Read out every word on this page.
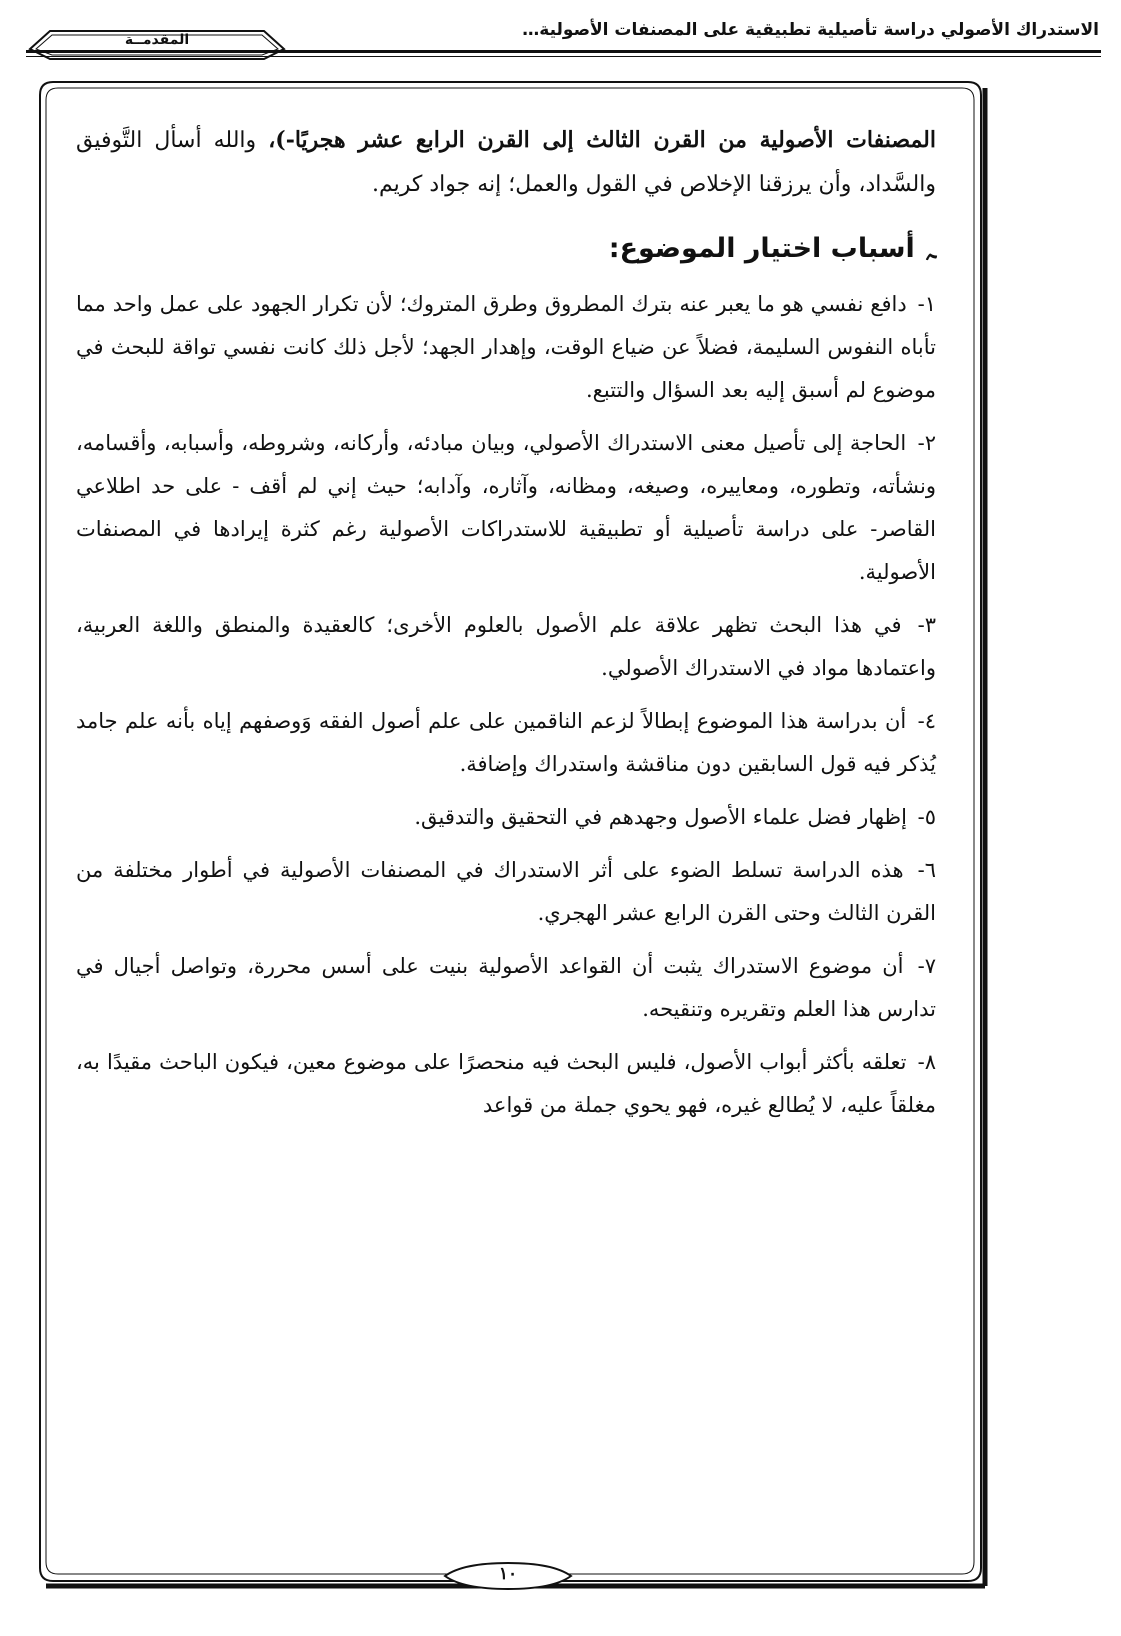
الاستدراك الأصولي دراسة تأصيلية تطبيقية على المصنفات الأصولية…
المقدمــة

المصنفات الأصولية من القرن الثالث إلى القرن الرابع عشر هجريًا-)، والله أسأل التَّوفيق والسَّداد، وأن يرزقنا الإخلاص في القول والعمل؛ إنه جواد كريم.

ﮧ
أسباب اختيار الموضوع:

١- دافع نفسي هو ما يعبر عنه بترك المطروق وطرق المتروك؛ لأن تكرار الجهود على عمل واحد مما تأباه النفوس السليمة، فضلاً عن ضياع الوقت، وإهدار الجهد؛ لأجل ذلك كانت نفسي تواقة للبحث في موضوع لم أسبق إليه بعد السؤال والتتبع.

٢- الحاجة إلى تأصيل معنى الاستدراك الأصولي، وبيان مبادئه، وأركانه، وشروطه، وأسبابه، وأقسامه، ونشأته، وتطوره، ومعاييره، وصيغه، ومظانه، وآثاره، وآدابه؛ حيث إني لم أقف - على حد اطلاعي القاصر- على دراسة تأصيلية أو تطبيقية للاستدراكات الأصولية رغم كثرة إيرادها في المصنفات الأصولية.

٣- في هذا البحث تظهر علاقة علم الأصول بالعلوم الأخرى؛ كالعقيدة والمنطق واللغة العربية، واعتمادها مواد في الاستدراك الأصولي.

٤- أن بدراسة هذا الموضوع إبطالاً لزعم الناقمين على علم أصول الفقه وَوصفهم إياه بأنه علم جامد يُذكر فيه قول السابقين دون مناقشة واستدراك وإضافة.

٥- إظهار فضل علماء الأصول وجهدهم في التحقيق والتدقيق.

٦- هذه الدراسة تسلط الضوء على أثر الاستدراك في المصنفات الأصولية في أطوار مختلفة من القرن الثالث وحتى القرن الرابع عشر الهجري.

٧- أن موضوع الاستدراك يثبت أن القواعد الأصولية بنيت على أسس محررة، وتواصل أجيال في تدارس هذا العلم وتقريره وتنقيحه.

٨- تعلقه بأكثر أبواب الأصول، فليس البحث فيه منحصرًا على موضوع معين، فيكون الباحث مقيدًا به، مغلقاً عليه، لا يُطالع غيره، فهو يحوي جملة من قواعد

١٠
